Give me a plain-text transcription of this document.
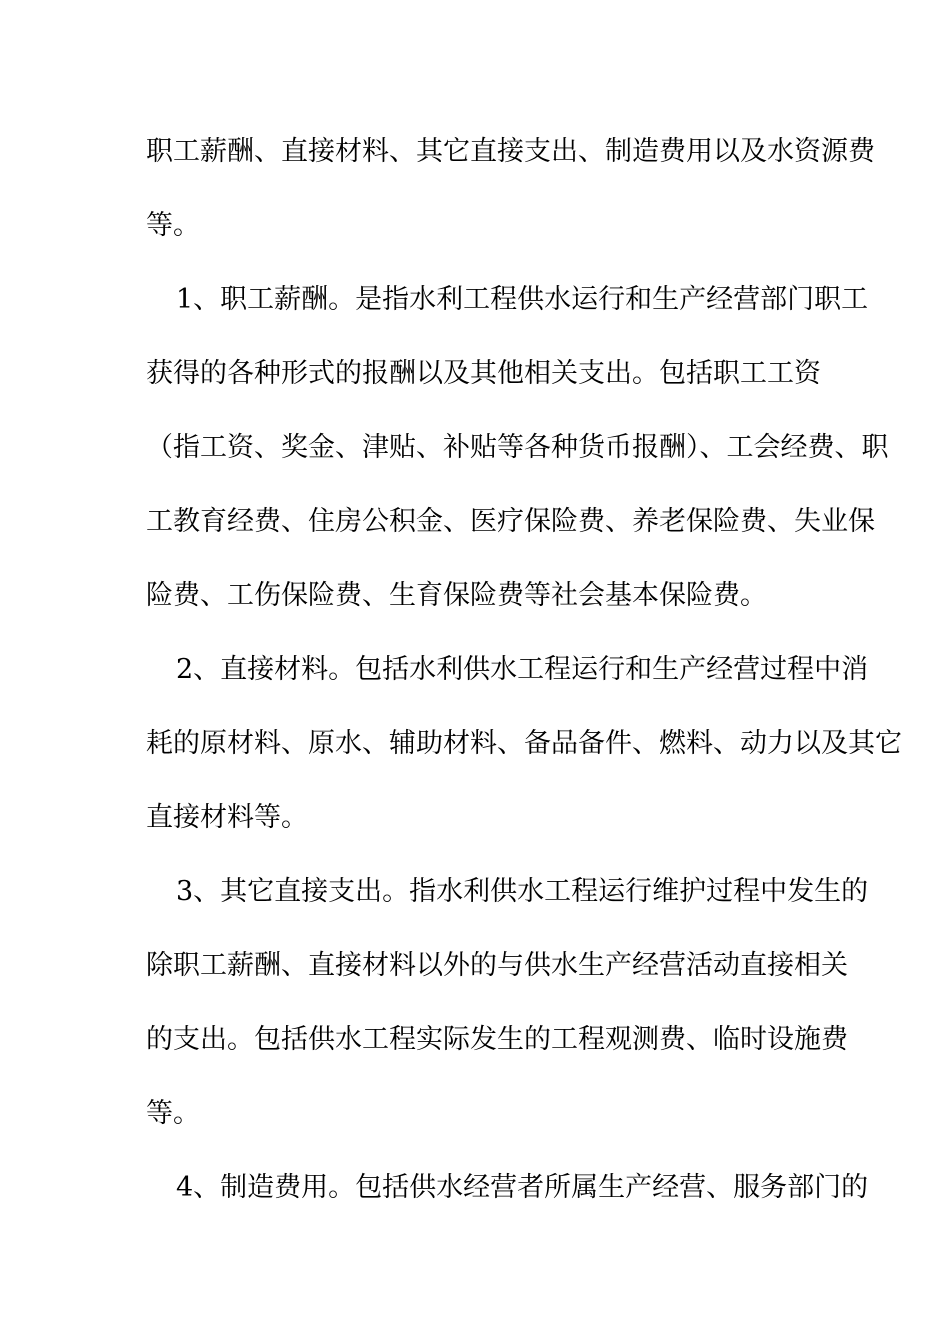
职工薪酬、直接材料、其它直接支出、制造费用以及水资源费
等。
1、职工薪酬。是指水利工程供水运行和生产经营部门职工
获得的各种形式的报酬以及其他相关支出。包括职工工资
（指工资、奖金、津贴、补贴等各种货币报酬）、工会经费、职
工教育经费、住房公积金、医疗保险费、养老保险费、失业保
险费、工伤保险费、生育保险费等社会基本保险费。
2、直接材料。包括水利供水工程运行和生产经营过程中消
耗的原材料、原水、辅助材料、备品备件、燃料、动力以及其它
直接材料等。
3、其它直接支出。指水利供水工程运行维护过程中发生的
除职工薪酬、直接材料以外的与供水生产经营活动直接相关
的支出。包括供水工程实际发生的工程观测费、临时设施费
等。
4、制造费用。包括供水经营者所属生产经营、服务部门的
